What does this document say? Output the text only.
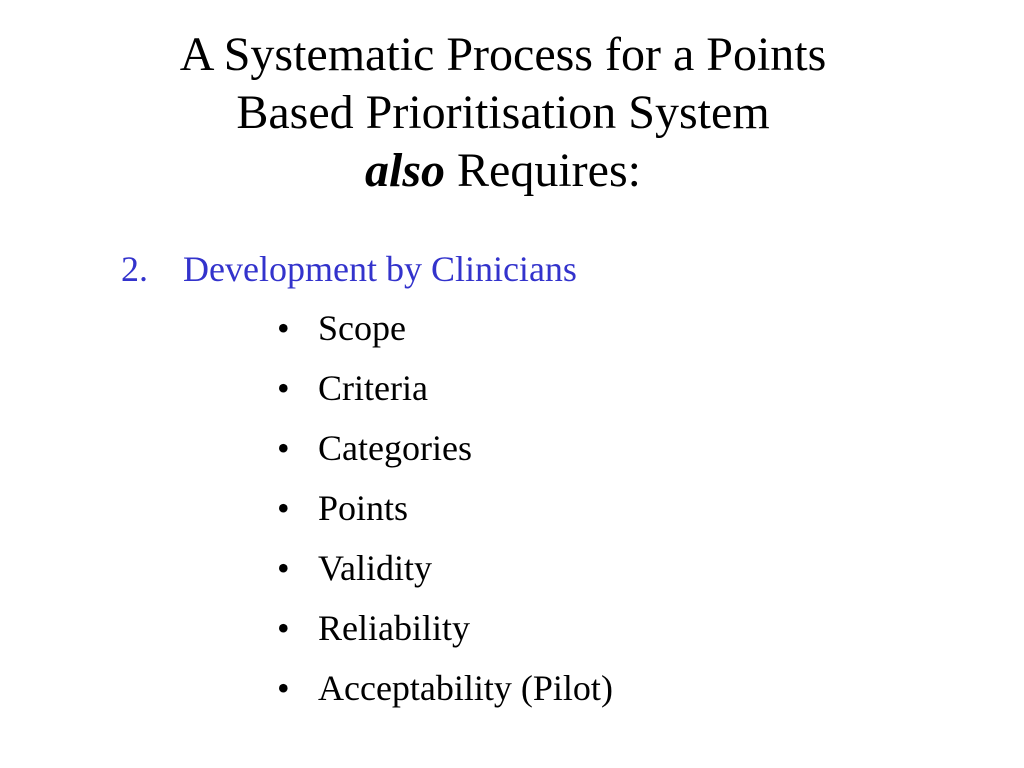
A Systematic Process for a Points
Based Prioritisation System
also Requires:
2. Development by Clinicians
• Scope
• Criteria
• Categories
• Points
• Validity
• Reliability
• Acceptability (Pilot)
